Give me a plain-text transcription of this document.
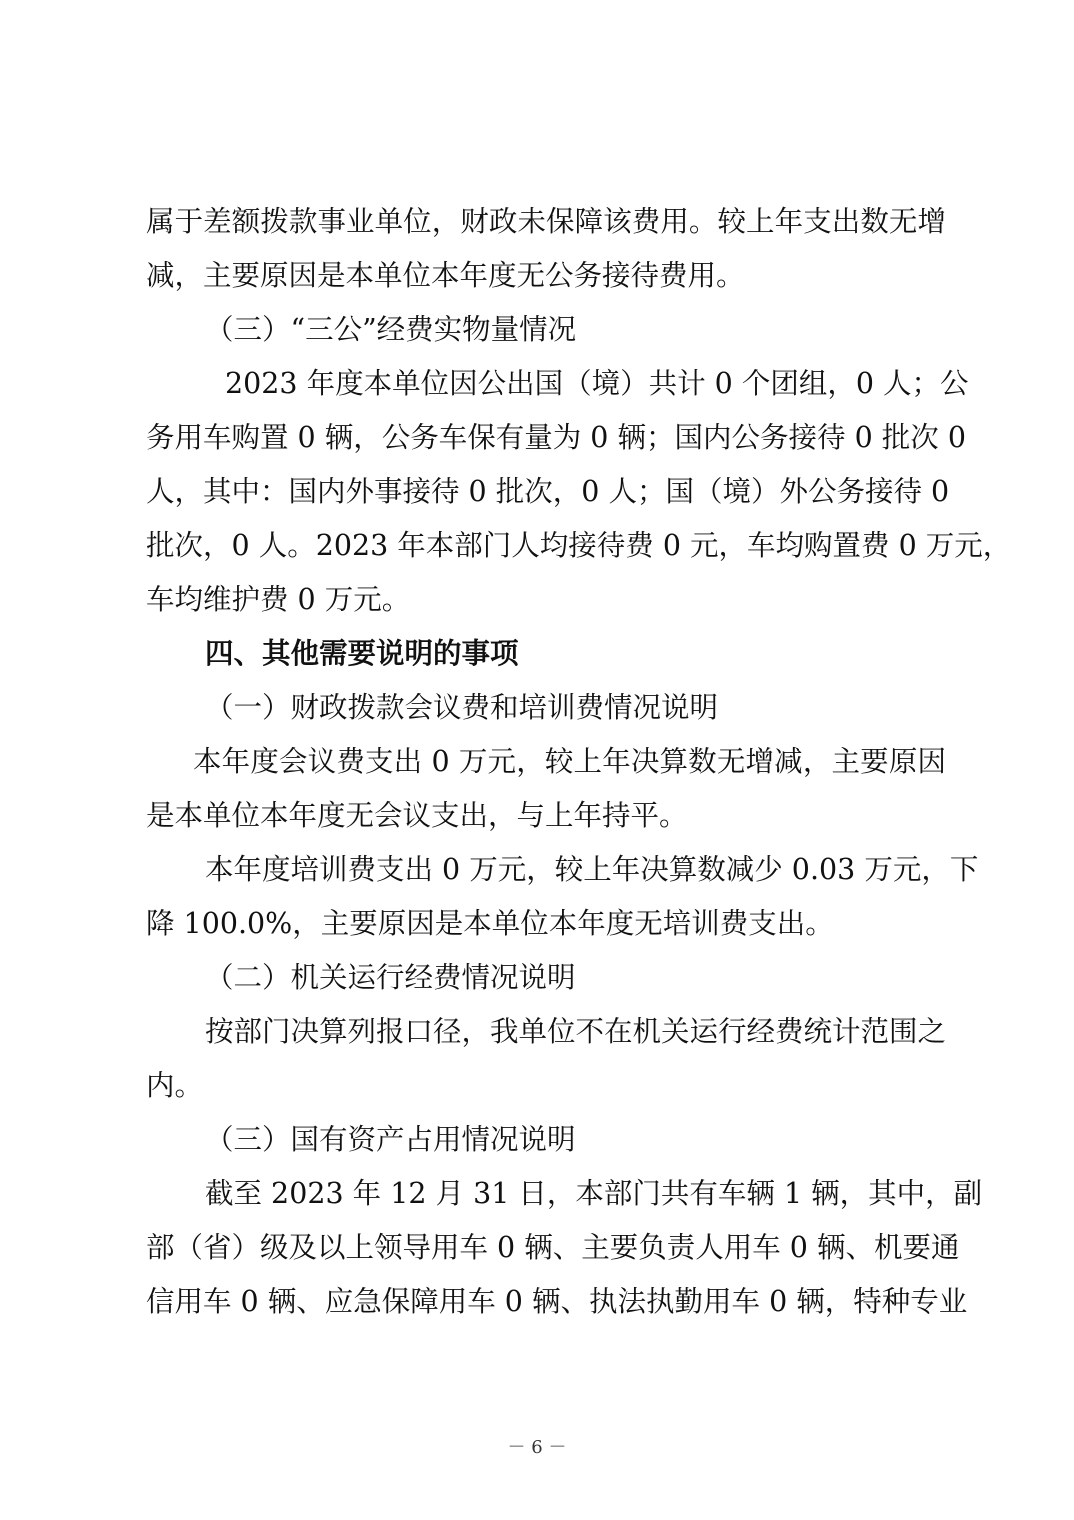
属于差额拨款事业单位，财政未保障该费用。较上年支出数无增
减，主要原因是本单位本年度无公务接待费用。
（三）“三公”经费实物量情况
2023 年度本单位因公出国（境）共计 0 个团组，0 人；公
务用车购置 0 辆，公务车保有量为 0 辆；国内公务接待 0 批次 0
人，其中：国内外事接待 0 批次，0 人；国（境）外公务接待 0
批次，0 人。2023 年本部门人均接待费 0 元，车均购置费 0 万元，
车均维护费 0 万元。
四、其他需要说明的事项
（一）财政拨款会议费和培训费情况说明
本年度会议费支出 0 万元，较上年决算数无增减，主要原因
是本单位本年度无会议支出，与上年持平。
本年度培训费支出 0 万元，较上年决算数减少 0.03 万元，下
降 100.0%，主要原因是本单位本年度无培训费支出。
（二）机关运行经费情况说明
按部门决算列报口径，我单位不在机关运行经费统计范围之
内。
（三）国有资产占用情况说明
截至 2023 年 12 月 31 日，本部门共有车辆 1 辆，其中，副
部（省）级及以上领导用车 0 辆、主要负责人用车 0 辆、机要通
信用车 0 辆、应急保障用车 0 辆、执法执勤用车 0 辆，特种专业
－ 6 －
